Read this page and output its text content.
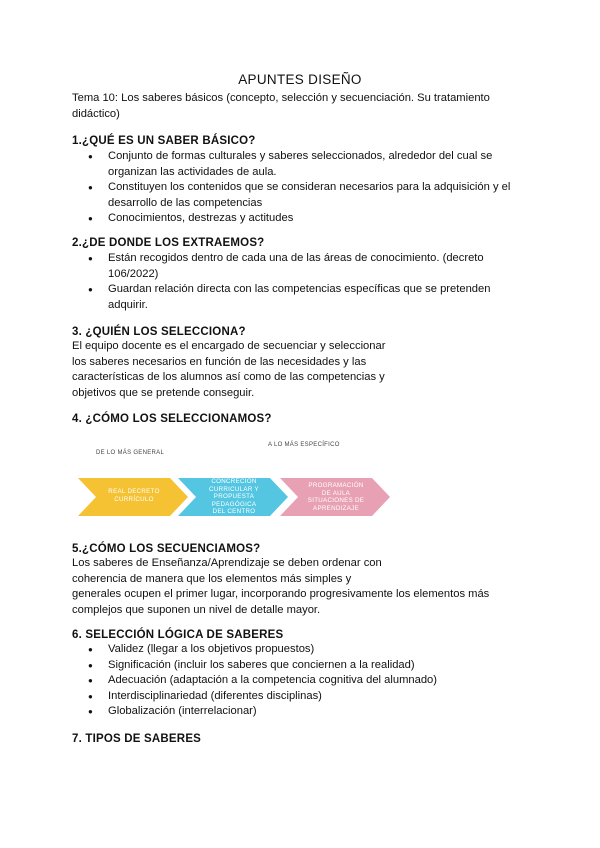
APUNTES DISEÑO
Tema 10: Los saberes básicos (concepto, selección y secuenciación. Su tratamiento didáctico)
1.¿QUÉ ES UN SABER BÁSICO?
● Conjunto de formas culturales y saberes seleccionados, alrededor del cual se organizan las actividades de aula.
● Constituyen los contenidos que se consideran necesarios para la adquisición y el desarrollo de las competencias
● Conocimientos, destrezas y actitudes
2.¿DE DONDE LOS EXTRAEMOS?
● Están recogidos dentro de cada una de las áreas de conocimiento. (decreto 106/2022)
● Guardan relación directa con las competencias específicas que se pretenden adquirir.
3. ¿QUIÉN LOS SELECCIONA?
El equipo docente es el encargado de secuenciar y seleccionar
los saberes necesarios en función de las necesidades y las
características de los alumnos así como de las competencias y
objetivos que se pretende conseguir.
4. ¿CÓMO LOS SELECCIONAMOS?
DE LO MÁS GENERAL
A LO MÁS ESPECÍFICO
REAL DECRETO
CURRÍCULO
CONCRECIÓN
CURRICULAR Y
PROPUESTA
PEDAGÓGICA
DEL CENTRO
PROGRAMACIÓN
DE AULA
SITUACIONES DE
APRENDIZAJE
5.¿CÓMO LOS SECUENCIAMOS?
Los saberes de Enseñanza/Aprendizaje se deben ordenar con
coherencia de manera que los elementos más simples y
generales ocupen el primer lugar, incorporando progresivamente los elementos más
complejos que suponen un nivel de detalle mayor.
6. SELECCIÓN LÓGICA DE SABERES
● Validez (llegar a los objetivos propuestos)
● Significación (incluir los saberes que conciernen a la realidad)
● Adecuación (adaptación a la competencia cognitiva del alumnado)
● Interdisciplinariedad (diferentes disciplinas)
● Globalización (interrelacionar)
7. TIPOS DE SABERES
